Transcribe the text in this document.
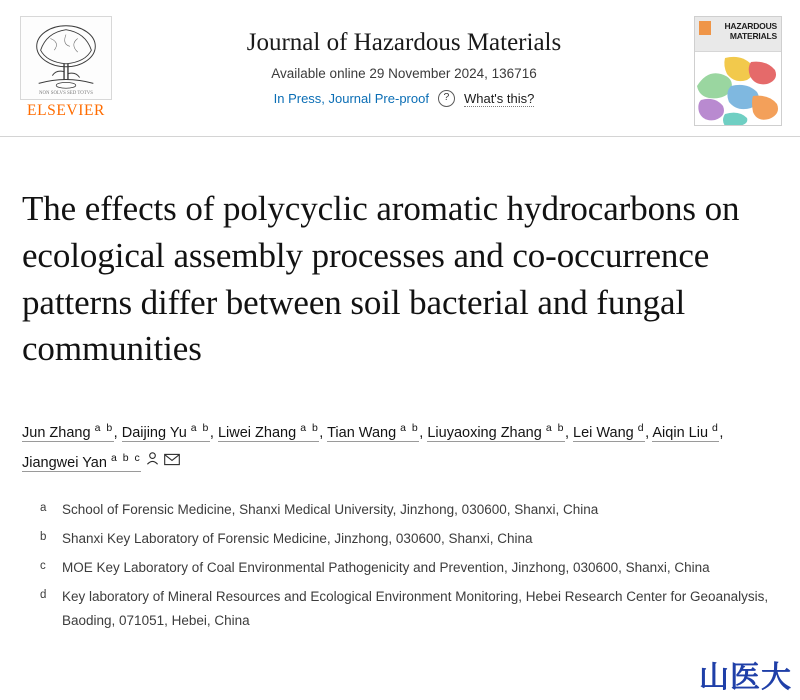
NON SOLVS SED TOTVS
ELSEVIER
Journal of Hazardous Materials
Available online 29 November 2024, 136716
In Press, Journal Pre-proof	?	What's this?
HAZARDOUS
MATERIALS
The effects of polycyclic aromatic hydrocarbons on ecological assembly processes and co-occurrence patterns differ between soil bacterial and fungal communities
Jun Zhang $^{a b}$, Daijing Yu $^{a b}$, Liwei Zhang $^{a b}$, Tian Wang $^{a b}$, Liuyaoxing Zhang $^{a b}$, Lei Wang $^d$, Aiqin Liu $^d$, Jiangwei Yan $^{a b c}$
a	School of Forensic Medicine, Shanxi Medical University, Jinzhong, 030600, Shanxi, China
b	Shanxi Key Laboratory of Forensic Medicine, Jinzhong, 030600, Shanxi, China
c	MOE Key Laboratory of Coal Environmental Pathogenicity and Prevention, Jinzhong, 030600, Shanxi, China
d	Key laboratory of Mineral Resources and Ecological Environment Monitoring, Hebei Research Center for Geoanalysis, Baoding, 071051, Hebei, China
山医大
